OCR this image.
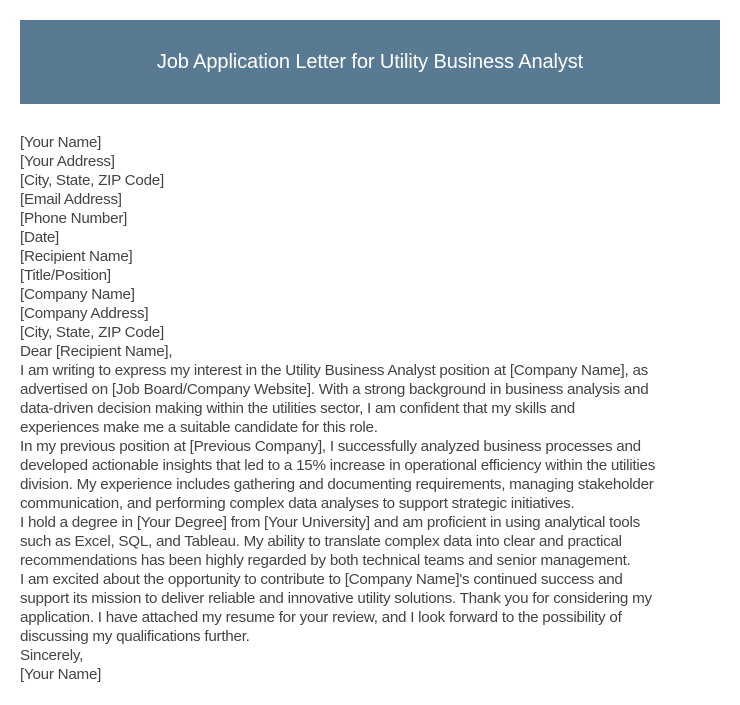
Job Application Letter for Utility Business Analyst

[Your Name]

[Your Address]

[City, State, ZIP Code]

[Email Address]

[Phone Number]

[Date]

[Recipient Name]

[Title/Position]

[Company Name]

[Company Address]

[City, State, ZIP Code]

Dear [Recipient Name],

I am writing to express my interest in the Utility Business Analyst position at [Company Name], as

advertised on [Job Board/Company Website]. With a strong background in business analysis and

data-driven decision making within the utilities sector, I am confident that my skills and

experiences make me a suitable candidate for this role.

In my previous position at [Previous Company], I successfully analyzed business processes and

developed actionable insights that led to a 15% increase in operational efficiency within the utilities

division. My experience includes gathering and documenting requirements, managing stakeholder

communication, and performing complex data analyses to support strategic initiatives.

I hold a degree in [Your Degree] from [Your University] and am proficient in using analytical tools

such as Excel, SQL, and Tableau. My ability to translate complex data into clear and practical

recommendations has been highly regarded by both technical teams and senior management.

I am excited about the opportunity to contribute to [Company Name]'s continued success and

support its mission to deliver reliable and innovative utility solutions. Thank you for considering my

application. I have attached my resume for your review, and I look forward to the possibility of

discussing my qualifications further.

Sincerely,

[Your Name]
